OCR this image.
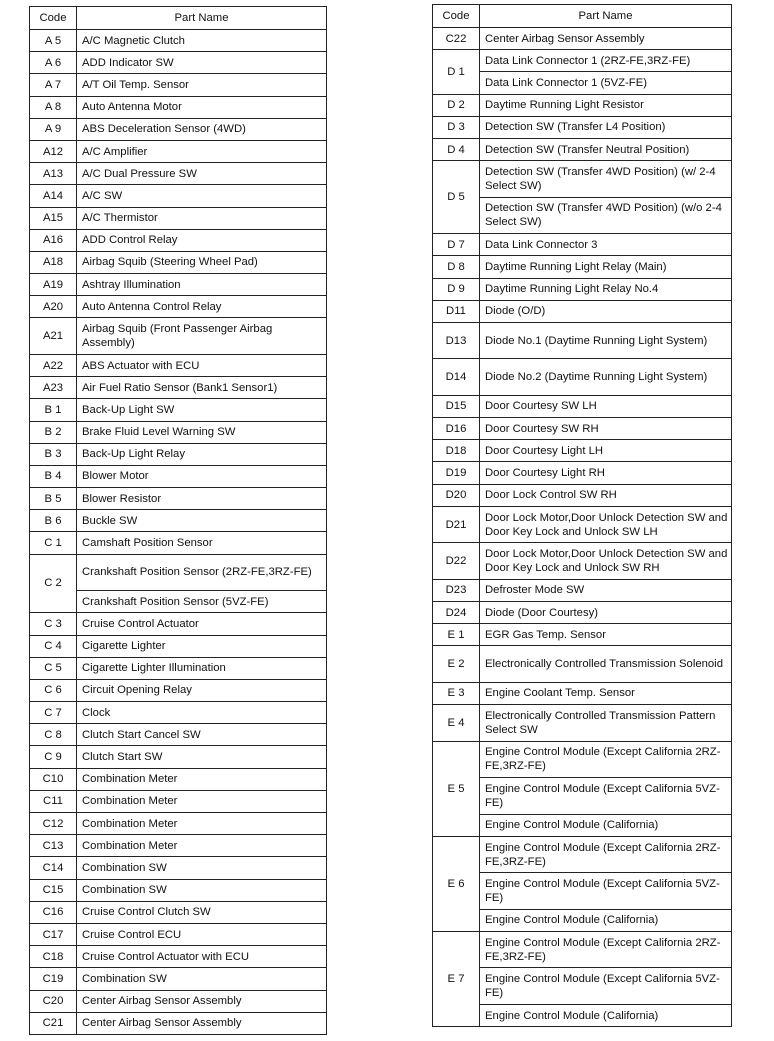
Code	Part Name
A 5	A/C Magnetic Clutch
A 6	ADD Indicator SW
A 7	A/T Oil Temp. Sensor
A 8	Auto Antenna Motor
A 9	ABS Deceleration Sensor (4WD)
A12	A/C Amplifier
A13	A/C Dual Pressure SW
A14	A/C SW
A15	A/C Thermistor
A16	ADD Control Relay
A18	Airbag Squib (Steering Wheel Pad)
A19	Ashtray Illumination
A20	Auto Antenna Control Relay
A21	Airbag Squib (Front Passenger Airbag Assembly)
A22	ABS Actuator with ECU
A23	Air Fuel Ratio Sensor (Bank1 Sensor1)
B 1	Back-Up Light SW
B 2	Brake Fluid Level Warning SW
B 3	Back-Up Light Relay
B 4	Blower Motor
B 5	Blower Resistor
B 6	Buckle SW
C 1	Camshaft Position Sensor
C 2	Crankshaft Position Sensor (2RZ-FE,3RZ-FE)
	Crankshaft Position Sensor (5VZ-FE)
C 3	Cruise Control Actuator
C 4	Cigarette Lighter
C 5	Cigarette Lighter Illumination
C 6	Circuit Opening Relay
C 7	Clock
C 8	Clutch Start Cancel SW
C 9	Clutch Start SW
C10	Combination Meter
C11	Combination Meter
C12	Combination Meter
C13	Combination Meter
C14	Combination SW
C15	Combination SW
C16	Cruise Control Clutch SW
C17	Cruise Control ECU
C18	Cruise Control Actuator with ECU
C19	Combination SW
C20	Center Airbag Sensor Assembly
C21	Center Airbag Sensor Assembly
Code	Part Name
C22	Center Airbag Sensor Assembly
D 1	Data Link Connector 1 (2RZ-FE,3RZ-FE)
	Data Link Connector 1 (5VZ-FE)
D 2	Daytime Running Light Resistor
D 3	Detection SW (Transfer L4 Position)
D 4	Detection SW (Transfer Neutral Position)
D 5	Detection SW (Transfer 4WD Position) (w/ 2-4 Select SW)
	Detection SW (Transfer 4WD Position) (w/o 2-4 Select SW)
D 7	Data Link Connector 3
D 8	Daytime Running Light Relay (Main)
D 9	Daytime Running Light Relay No.4
D11	Diode (O/D)
D13	Diode No.1 (Daytime Running Light System)
D14	Diode No.2 (Daytime Running Light System)
D15	Door Courtesy SW LH
D16	Door Courtesy SW RH
D18	Door Courtesy Light LH
D19	Door Courtesy Light RH
D20	Door Lock Control SW RH
D21	Door Lock Motor,Door Unlock Detection SW and Door Key Lock and Unlock SW LH
D22	Door Lock Motor,Door Unlock Detection SW and Door Key Lock and Unlock SW RH
D23	Defroster Mode SW
D24	Diode (Door Courtesy)
E 1	EGR Gas Temp. Sensor
E 2	Electronically Controlled Transmission Solenoid
E 3	Engine Coolant Temp. Sensor
E 4	Electronically Controlled Transmission Pattern Select SW
E 5	Engine Control Module (Except California 2RZ-FE,3RZ-FE)
	Engine Control Module (Except California 5VZ-FE)
	Engine Control Module (California)
E 6	Engine Control Module (Except California 2RZ-FE,3RZ-FE)
	Engine Control Module (Except California 5VZ-FE)
	Engine Control Module (California)
E 7	Engine Control Module (Except California 2RZ-FE,3RZ-FE)
	Engine Control Module (Except California 5VZ-FE)
	Engine Control Module (California)
